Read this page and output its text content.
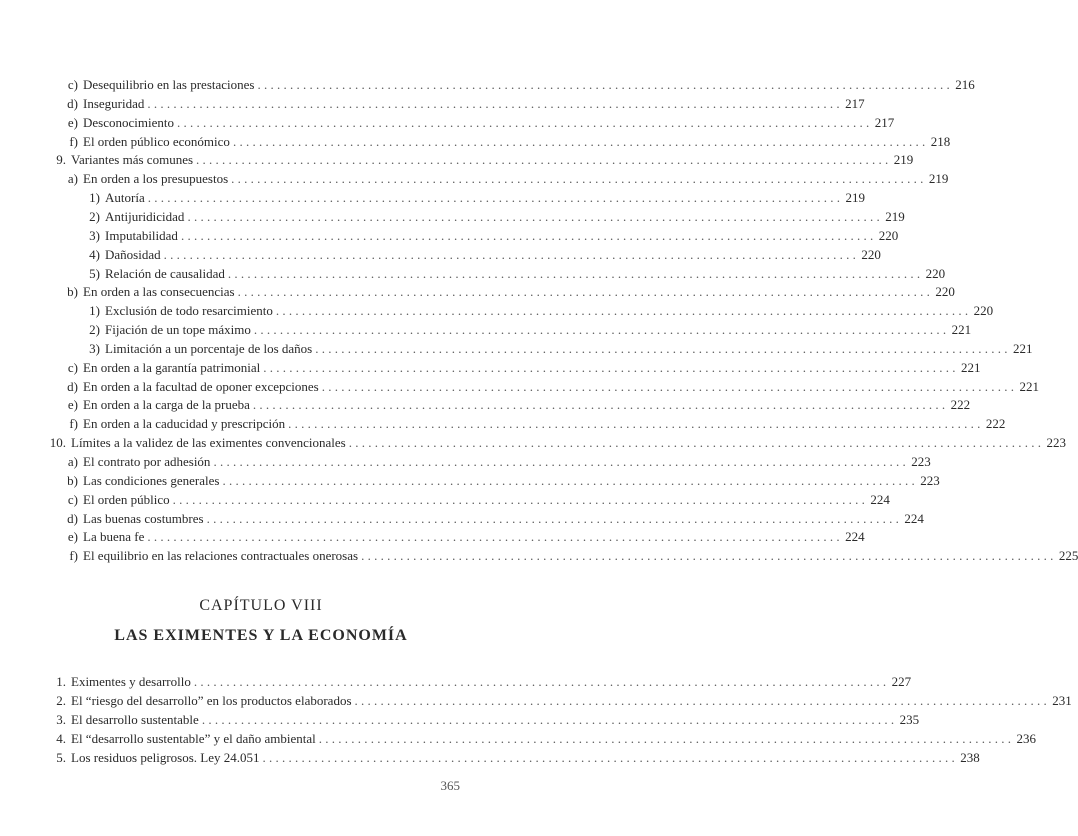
c) Desequilibrio en las prestaciones . . .	216
d) Inseguridad . . .	217
e) Desconocimiento . . .	217
f) El orden público económico . . .	218
9. Variantes más comunes . . .	219
a) En orden a los presupuestos . . .	219
1) Autoría . . .	219
2) Antijuridicidad . . .	219
3) Imputabilidad . . .	220
4) Dañosidad . . .	220
5) Relación de causalidad . . .	220
b) En orden a las consecuencias . . .	220
1) Exclusión de todo resarcimiento . . .	220
2) Fijación de un tope máximo . . .	221
3) Limitación a un porcentaje de los daños . . .	221
c) En orden a la garantía patrimonial . . .	221
d) En orden a la facultad de oponer excepciones . . .	221
e) En orden a la carga de la prueba . . .	222
f) En orden a la caducidad y prescripción . . .	222
10. Límites a la validez de las eximentes convencionales . . .	223
a) El contrato por adhesión . . .	223
b) Las condiciones generales . . .	223
c) El orden público . . .	224
d) Las buenas costumbres . . .	224
e) La buena fe . . .	224
f) El equilibrio en las relaciones contractuales onerosas . . .	225
1. Eximentes y desarrollo . . .	227
2. El “riesgo del desarrollo” en los productos elaborados . . .	231
3. El desarrollo sustentable . . .	235
4. El “desarrollo sustentable” y el daño ambiental . . .	236
5. Los residuos peligrosos. Ley 24.051 . . .	238
CAPÍTULO VIII
LAS EXIMENTES Y LA ECONOMÍA
365
